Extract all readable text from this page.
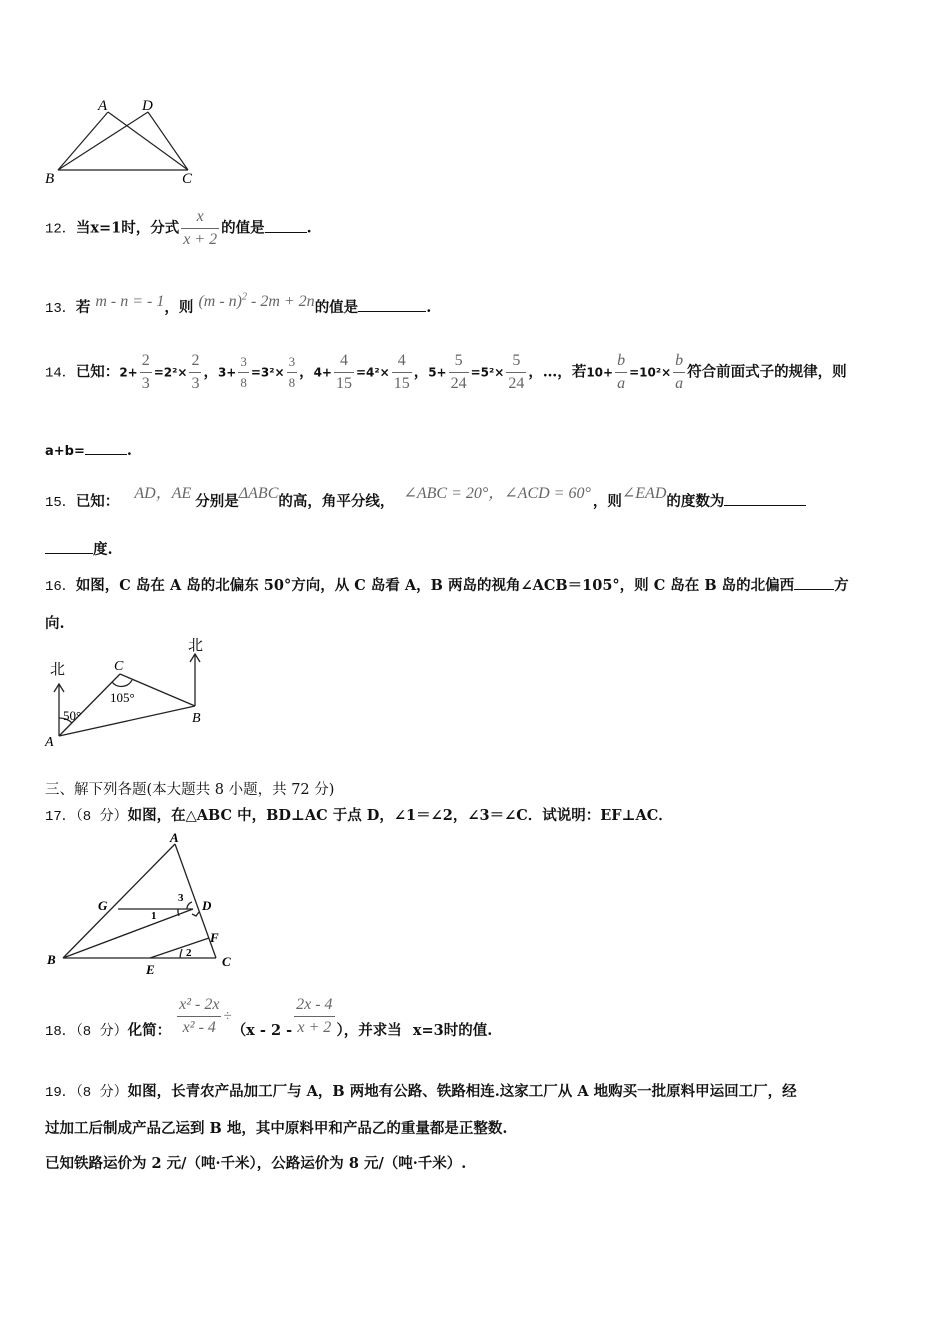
A D
B	C
12．当x=1时，分式 $\frac{x}{x + 2}$ 的值是	.
13．若 m - n = - 1，则 (m - n)$^2$ - 2m + 2n的值是	.
14．已知：$2+ \frac{2}{3} =2^2\times \frac{2}{3}$ ，$3+ \frac{3}{8} =3^2\times \frac{3}{8}$ ，$4+ \frac{4}{15} =4^2\times \frac{4}{15}$ ，$5+ \frac{5}{24} =5^2\times \frac{5}{24}$ ，…，若$10+ \frac{b}{a} =10^2\times \frac{b}{a}$ 符合前面式子的规律，则
a+b=	.
15．已知： AD，AE 分别是ΔABC的高，角平分线， ∠ABC = 20°，∠ACD = 60° ，则∠EAD的度数为
度.
16．如图，C 岛在 A 岛的北偏东 50°方向，从 C 岛看 A，B 两岛的视角∠ACB＝105°，则 C 岛在 B 岛的北偏西	方
向.
北
北
50°
105°
A
B
C
三、解下列各题(本大题共 8 小题，共 72 分)
17．（8 分）如图，在△ABC 中，BD⊥AC 于点 D，∠1＝∠2，∠3＝∠C．试说明：EF⊥AC．
A
G	D
B
E
C
F
1
2
3
18．（8 分）化简： $\frac{\text{x² - 2x}}{\text{x² - 4}} \div(x - 2 - \frac{2x - 4}{x + 2}$ ），并求当 x=3时的值.
19．（8 分）如图，长青农产品加工厂与 A，B 两地有公路、铁路相连.这家工厂从 A 地购买一批原料甲运回工厂，经
过加工后制成产品乙运到 B 地，其中原料甲和产品乙的重量都是正整数.
已知铁路运价为 2 元/（吨·千米），公路运价为 8 元/（吨·千米）.
